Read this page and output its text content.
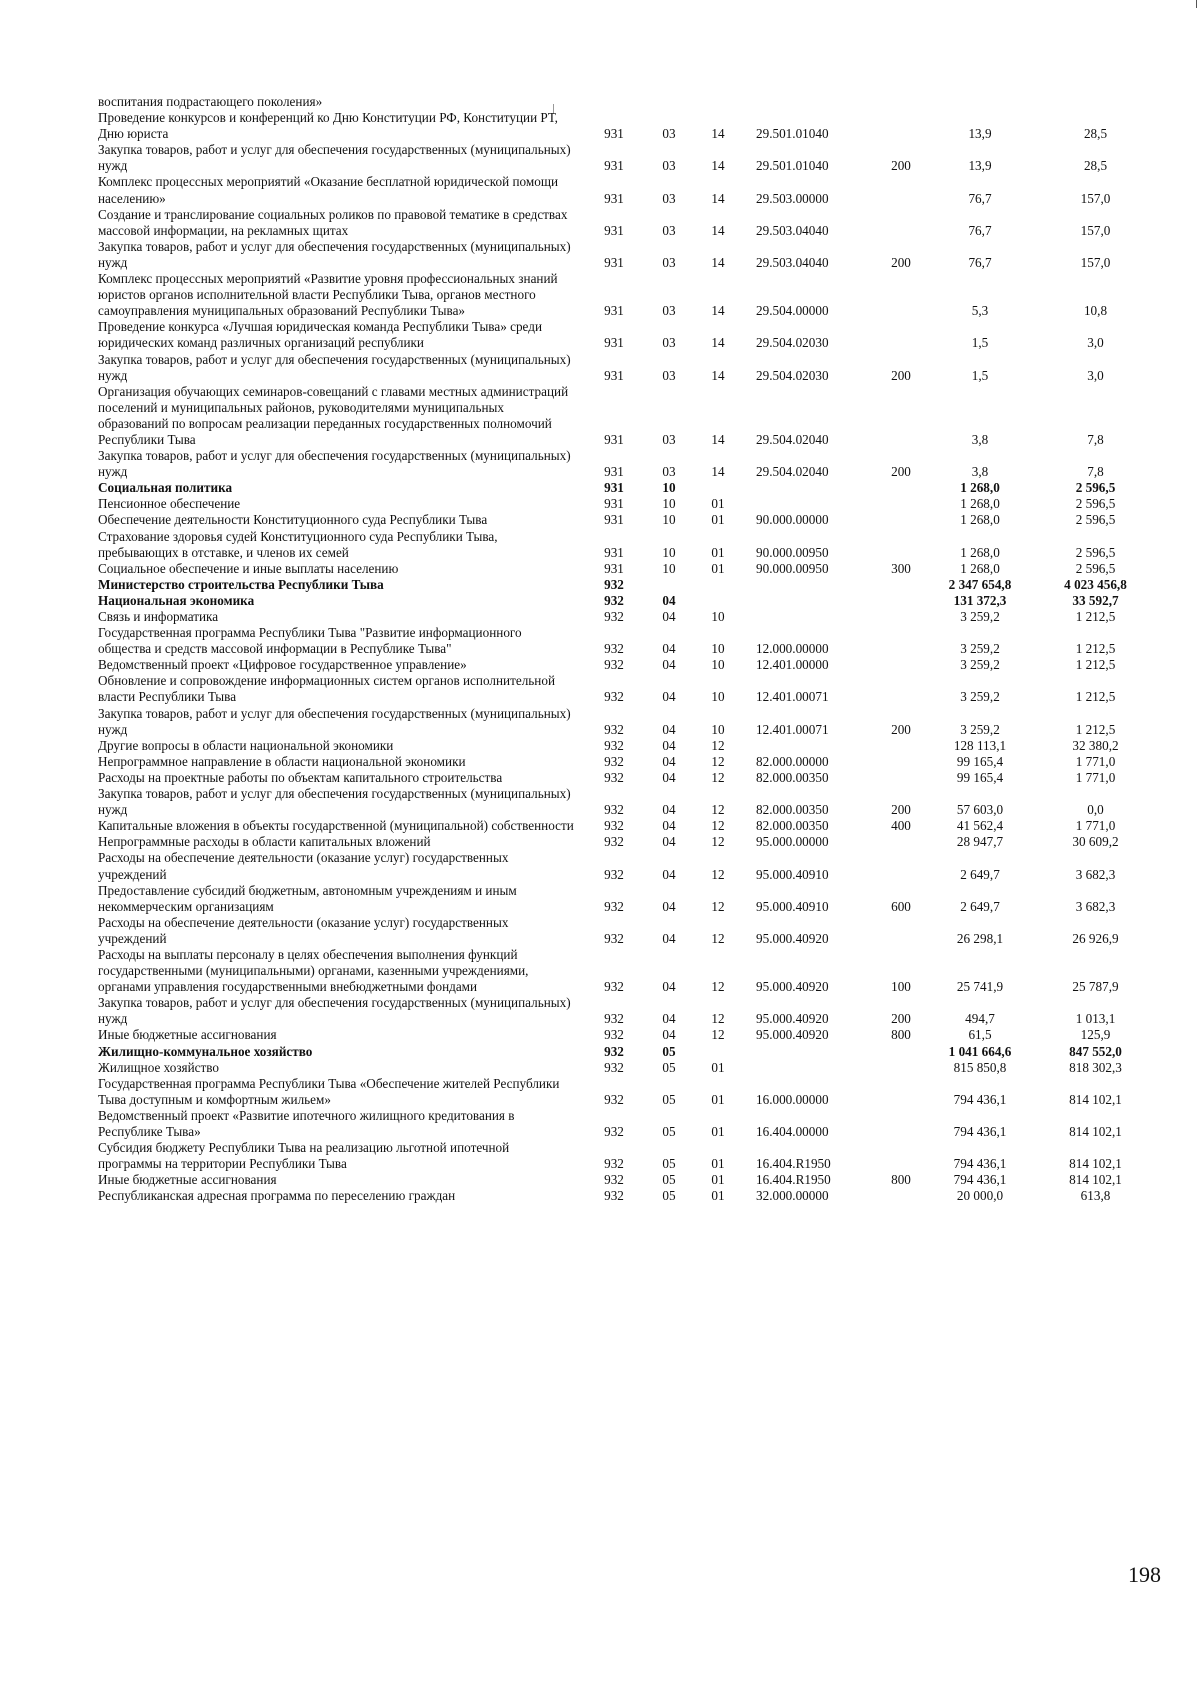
воспитания подрастающего поколения»							
Проведение конкурсов и конференций ко Дню Конституции РФ, Конституции РТ, Дню юриста	931	03	14	29.501.01040		13,9	28,5
Закупка товаров, работ и услуг для обеспечения государственных (муниципальных) нужд	931	03	14	29.501.01040	200	13,9	28,5
Комплекс процессных мероприятий «Оказание бесплатной юридической помощи населению»	931	03	14	29.503.00000		76,7	157,0
Создание и транслирование социальных роликов по правовой тематике в средствах массовой информации, на рекламных щитах	931	03	14	29.503.04040		76,7	157,0
Закупка товаров, работ и услуг для обеспечения государственных (муниципальных) нужд	931	03	14	29.503.04040	200	76,7	157,0
Комплекс процессных мероприятий «Развитие уровня профессиональных знаний юристов органов исполнительной власти Республики Тыва, органов местного самоуправления муниципальных образований Республики Тыва»	931	03	14	29.504.00000		5,3	10,8
Проведение конкурса «Лучшая юридическая команда Республики Тыва» среди юридических команд различных организаций республики	931	03	14	29.504.02030		1,5	3,0
Закупка товаров, работ и услуг для обеспечения государственных (муниципальных) нужд	931	03	14	29.504.02030	200	1,5	3,0
Организация обучающих семинаров-совещаний с главами местных администраций поселений и муниципальных районов, руководителями муниципальных образований по вопросам реализации переданных государственных полномочий Республики Тыва	931	03	14	29.504.02040		3,8	7,8
Закупка товаров, работ и услуг для обеспечения государственных (муниципальных) нужд	931	03	14	29.504.02040	200	3,8	7,8
Социальная политика	931	10				1 268,0	2 596,5
Пенсионное обеспечение	931	10	01			1 268,0	2 596,5
Обеспечение деятельности Конституционного суда Республики Тыва	931	10	01	90.000.00000		1 268,0	2 596,5
Страхование здоровья судей Конституционного суда Республики Тыва, пребывающих в отставке, и членов их семей	931	10	01	90.000.00950		1 268,0	2 596,5
Социальное обеспечение и иные выплаты населению	931	10	01	90.000.00950	300	1 268,0	2 596,5
Министерство строительства Республики Тыва	932					2 347 654,8	4 023 456,8
Национальная экономика	932	04				131 372,3	33 592,7
Связь и информатика	932	04	10			3 259,2	1 212,5
Государственная программа Республики Тыва "Развитие информационного общества и средств массовой информации в Республике Тыва"	932	04	10	12.000.00000		3 259,2	1 212,5
Ведомственный проект «Цифровое государственное управление»	932	04	10	12.401.00000		3 259,2	1 212,5
Обновление и сопровождение информационных систем органов исполнительной власти Республики Тыва	932	04	10	12.401.00071		3 259,2	1 212,5
Закупка товаров, работ и услуг для обеспечения государственных (муниципальных) нужд	932	04	10	12.401.00071	200	3 259,2	1 212,5
Другие вопросы в области национальной экономики	932	04	12			128 113,1	32 380,2
Непрограммное направление в области национальной экономики	932	04	12	82.000.00000		99 165,4	1 771,0
Расходы на проектные работы по объектам капитального строительства	932	04	12	82.000.00350		99 165,4	1 771,0
Закупка товаров, работ и услуг для обеспечения государственных (муниципальных) нужд	932	04	12	82.000.00350	200	57 603,0	0,0
Капитальные вложения в объекты государственной (муниципальной) собственности	932	04	12	82.000.00350	400	41 562,4	1 771,0
Непрограммные расходы в области капитальных вложений	932	04	12	95.000.00000		28 947,7	30 609,2
Расходы на обеспечение деятельности (оказание услуг) государственных учреждений	932	04	12	95.000.40910		2 649,7	3 682,3
Предоставление субсидий бюджетным, автономным учреждениям и иным некоммерческим организациям	932	04	12	95.000.40910	600	2 649,7	3 682,3
Расходы на обеспечение деятельности (оказание услуг) государственных учреждений	932	04	12	95.000.40920		26 298,1	26 926,9
Расходы на выплаты персоналу в целях обеспечения выполнения функций государственными (муниципальными) органами, казенными учреждениями, органами управления государственными внебюджетными фондами	932	04	12	95.000.40920	100	25 741,9	25 787,9
Закупка товаров, работ и услуг для обеспечения государственных (муниципальных) нужд	932	04	12	95.000.40920	200	494,7	1 013,1
Иные бюджетные ассигнования	932	04	12	95.000.40920	800	61,5	125,9
Жилищно-коммунальное хозяйство	932	05				1 041 664,6	847 552,0
Жилищное хозяйство	932	05	01			815 850,8	818 302,3
Государственная программа Республики Тыва «Обеспечение жителей Республики Тыва доступным и комфортным жильем»	932	05	01	16.000.00000		794 436,1	814 102,1
Ведомственный проект «Развитие ипотечного жилищного кредитования в Республике Тыва»	932	05	01	16.404.00000		794 436,1	814 102,1
Субсидия бюджету Республики Тыва на реализацию льготной ипотечной программы на территории Республики Тыва	932	05	01	16.404.R1950		794 436,1	814 102,1
Иные бюджетные ассигнования	932	05	01	16.404.R1950	800	794 436,1	814 102,1
Республиканская адресная программа по переселению граждан	932	05	01	32.000.00000		20 000,0	613,8
198
